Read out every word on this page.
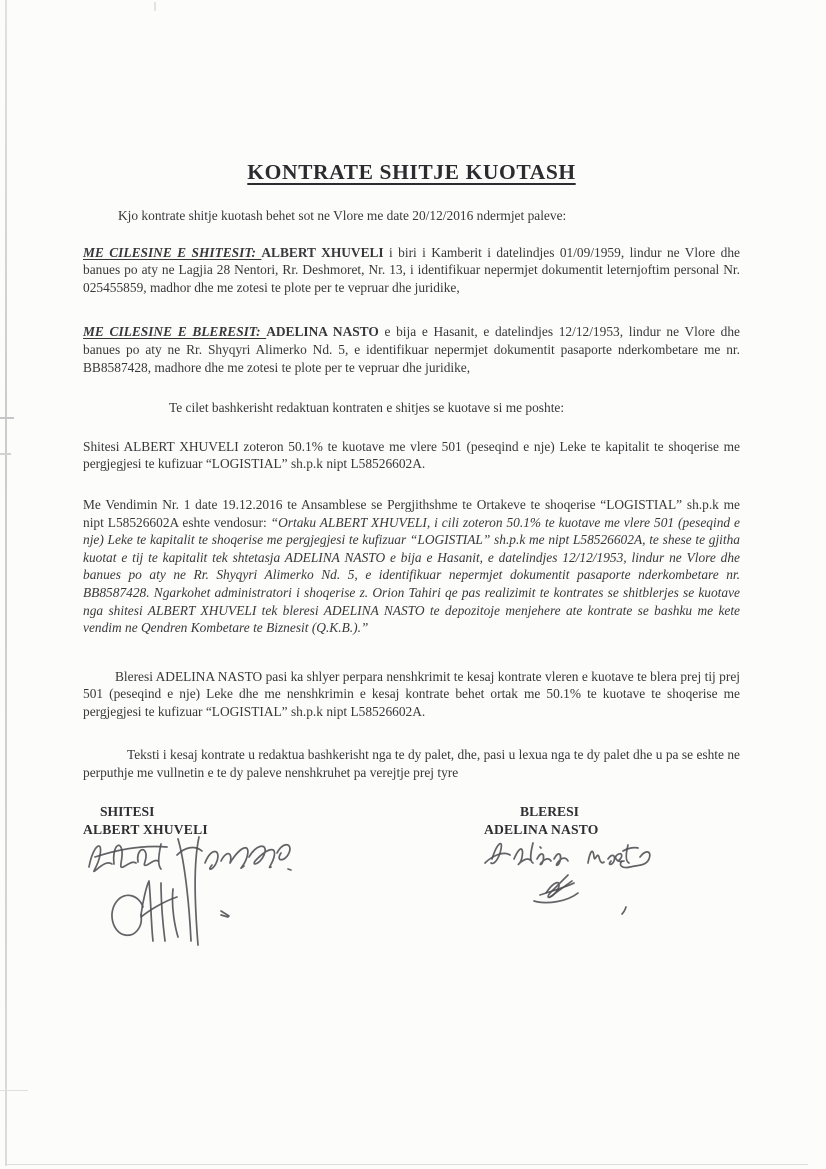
KONTRATE SHITJE KUOTASH

Kjo kontrate shitje kuotash behet sot ne Vlore me date 20/12/2016 ndermjet paleve:

ME CILESINE E SHITESIT: ALBERT XHUVELI i biri i Kamberit i datelindjes 01/09/1959, lindur ne Vlore dhe banues po aty ne Lagjia 28 Nentori, Rr. Deshmoret, Nr. 13, i identifikuar nepermjet dokumentit leternjoftim personal Nr. 025455859, madhor dhe me zotesi te plote per te vepruar dhe juridike,

ME CILESINE E BLERESIT: ADELINA NASTO e bija e Hasanit, e datelindjes 12/12/1953, lindur ne Vlore dhe banues po aty ne Rr. Shyqyri Alimerko Nd. 5, e identifikuar nepermjet dokumentit pasaporte nderkombetare me nr. BB8587428, madhore dhe me zotesi te plote per te vepruar dhe juridike,

Te cilet bashkerisht redaktuan kontraten e shitjes se kuotave si me poshte:

Shitesi ALBERT XHUVELI zoteron 50.1% te kuotave me vlere 501 (peseqind e nje) Leke te kapitalit te shoqerise me pergjegjesi te kufizuar “LOGISTIAL” sh.p.k nipt L58526602A.

Me Vendimin Nr. 1 date 19.12.2016 te Ansamblese se Pergjithshme te Ortakeve te shoqerise “LOGISTIAL” sh.p.k me nipt L58526602A eshte vendosur: “Ortaku ALBERT XHUVELI, i cili zoteron 50.1% te kuotave me vlere 501 (peseqind e nje) Leke te kapitalit te shoqerise me pergjegjesi te kufizuar “LOGISTIAL” sh.p.k me nipt L58526602A, te shese te gjitha kuotat e tij te kapitalit tek shtetasja ADELINA NASTO e bija e Hasanit, e datelindjes 12/12/1953, lindur ne Vlore dhe banues po aty ne Rr. Shyqyri Alimerko Nd. 5, e identifikuar nepermjet dokumentit pasaporte nderkombetare nr. BB8587428. Ngarkohet administratori i shoqerise z. Orion Tahiri qe pas realizimit te kontrates se shitblerjes se kuotave nga shitesi ALBERT XHUVELI tek bleresi ADELINA NASTO te depozitoje menjehere ate kontrate se bashku me kete vendim ne Qendren Kombetare te Biznesit (Q.K.B.).”

Bleresi ADELINA NASTO pasi ka shlyer perpara nenshkrimit te kesaj kontrate vleren e kuotave te blera prej tij prej 501 (peseqind e nje) Leke dhe me nenshkrimin e kesaj kontrate behet ortak me 50.1% te kuotave te shoqerise me pergjegjesi te kufizuar “LOGISTIAL” sh.p.k nipt L58526602A.

Teksti i kesaj kontrate u redaktua bashkerisht nga te dy palet, dhe, pasi u lexua nga te dy palet dhe u pa se eshte ne perputhje me vullnetin e te dy paleve nenshkruhet pa verejtje prej tyre

SHITESI
ALBERT XHUVELI
BLERESI
ADELINA NASTO
